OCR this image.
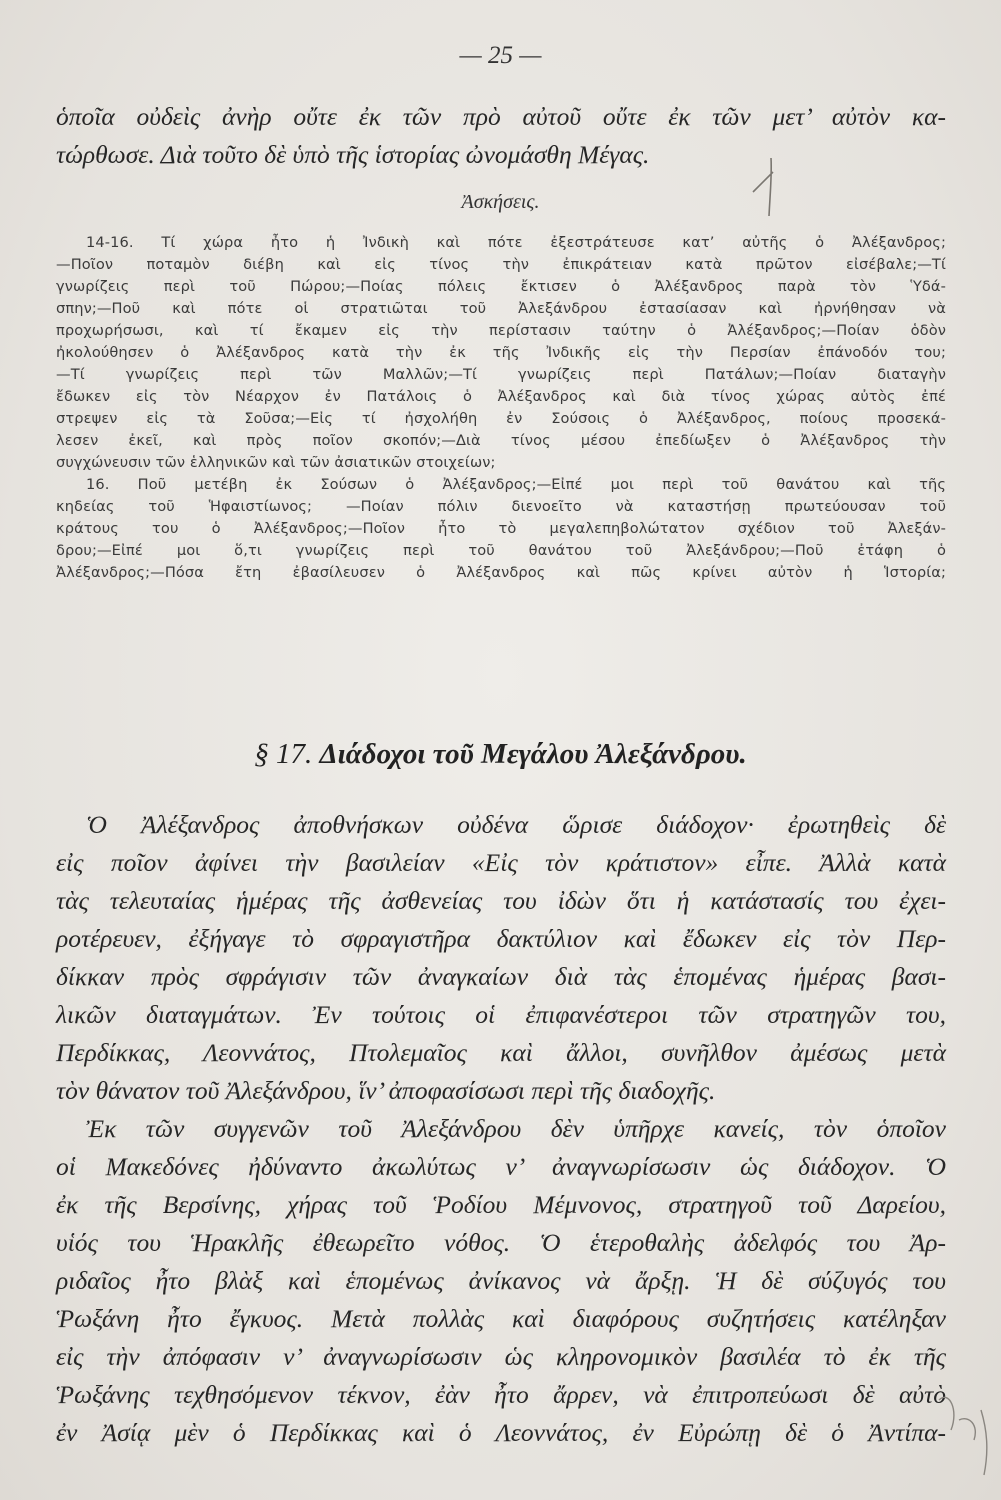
— 25 —
ὁποῖα οὐδεὶς ἀνὴρ οὔτε ἐκ τῶν πρὸ αὐτοῦ οὔτε ἐκ τῶν μετ’ αὐτὸν κα-
τώρθωσε. Διὰ τοῦτο δὲ ὑπὸ τῆς ἱστορίας ὠνομάσθη Μέγας.
Ἀσκήσεις.
14-16. Τί χώρα ἦτο ἡ Ἰνδικὴ καὶ πότε ἐξεστράτευσε κατ’ αὐτῆς ὁ Ἀλέξανδρος;
—Ποῖον ποταμὸν διέβη καὶ εἰς τίνος τὴν ἐπικράτειαν κατὰ πρῶτον εἰσέβαλε;—Τί
γνωρίζεις περὶ τοῦ Πώρου;—Ποίας πόλεις ἔκτισεν ὁ Ἀλέξανδρος παρὰ τὸν Ὑδά-
σπην;—Ποῦ καὶ πότε οἱ στρατιῶται τοῦ Ἀλεξάνδρου ἐστασίασαν καὶ ἠρνήθησαν νὰ
προχωρήσωσι, καὶ τί ἔκαμεν εἰς τὴν περίστασιν ταύτην ὁ Ἀλέξανδρος;—Ποίαν ὁδὸν
ἠκολούθησεν ὁ Ἀλέξανδρος κατὰ τὴν ἐκ τῆς Ἰνδικῆς εἰς τὴν Περσίαν ἐπάνοδόν του;
—Τί γνωρίζεις περὶ τῶν Μαλλῶν;—Τί γνωρίζεις περὶ Πατάλων;—Ποίαν διαταγὴν
ἔδωκεν εἰς τὸν Νέαρχον ἐν Πατάλοις ὁ Ἀλέξανδρος καὶ διὰ τίνος χώρας αὐτὸς ἐπέ
στρεψεν εἰς τὰ Σοῦσα;—Εἰς τί ἠσχολήθη ἐν Σούσοις ὁ Ἀλέξανδρος, ποίους προσεκά-
λεσεν ἐκεῖ, καὶ πρὸς ποῖον σκοπόν;—Διὰ τίνος μέσου ἐπεδίωξεν ὁ Ἀλέξανδρος τὴν
συγχώνευσιν τῶν ἑλληνικῶν καὶ τῶν ἀσιατικῶν στοιχείων;
16. Ποῦ μετέβη ἐκ Σούσων ὁ Ἀλέξανδρος;—Εἰπέ μοι περὶ τοῦ θανάτου καὶ τῆς
κηδείας τοῦ Ἡφαιστίωνος; —Ποίαν πόλιν διενοεῖτο νὰ καταστήσῃ πρωτεύουσαν τοῦ
κράτους του ὁ Ἀλέξανδρος;—Ποῖον ἦτο τὸ μεγαλεπηβολώτατον σχέδιον τοῦ Ἀλεξάν-
δρου;—Εἰπέ μοι ὅ,τι γνωρίζεις περὶ τοῦ θανάτου τοῦ Ἀλεξάνδρου;—Ποῦ ἐτάφη ὁ
Ἀλέξανδρος;—Πόσα ἔτη ἐβασίλευσεν ὁ Ἀλέξανδρος καὶ πῶς κρίνει αὐτὸν ἡ Ἱστορία;
§ 17. Διάδοχοι τοῦ Μεγάλου Ἀλεξάνδρου.
Ὁ Ἀλέξανδρος ἀποθνήσκων οὐδένα ὥρισε διάδοχον· ἐρωτηθεὶς δὲ
εἰς ποῖον ἀφίνει τὴν βασιλείαν «Εἰς τὸν κράτιστον» εἶπε. Ἀλλὰ κατὰ
τὰς τελευταίας ἡμέρας τῆς ἀσθενείας του ἰδὼν ὅτι ἡ κατάστασίς του ἐχει-
ροτέρευεν, ἐξήγαγε τὸ σφραγιστῆρα δακτύλιον καὶ ἔδωκεν εἰς τὸν Περ-
δίκκαν πρὸς σφράγισιν τῶν ἀναγκαίων διὰ τὰς ἑπομένας ἡμέρας βασι-
λικῶν διαταγμάτων. Ἐν τούτοις οἱ ἐπιφανέστεροι τῶν στρατηγῶν του,
Περδίκκας, Λεοννάτος, Πτολεμαῖος καὶ ἄλλοι, συνῆλθον ἀμέσως μετὰ
τὸν θάνατον τοῦ Ἀλεξάνδρου, ἵν’ ἀποφασίσωσι περὶ τῆς διαδοχῆς.
Ἐκ τῶν συγγενῶν τοῦ Ἀλεξάνδρου δὲν ὑπῆρχε κανείς, τὸν ὁποῖον
οἱ Μακεδόνες ἠδύναντο ἀκωλύτως ν’ ἀναγνωρίσωσιν ὡς διάδοχον. Ὁ
ἐκ τῆς Βερσίνης, χήρας τοῦ Ῥοδίου Μέμνονος, στρατηγοῦ τοῦ Δαρείου,
υἱός του Ἡρακλῆς ἐθεωρεῖτο νόθος. Ὁ ἑτεροθαλὴς ἀδελφός του Ἀρ-
ριδαῖος ἦτο βλὰξ καὶ ἑπομένως ἀνίκανος νὰ ἄρξῃ. Ἡ δὲ σύζυγός του
Ῥωξάνη ἦτο ἔγκυος. Μετὰ πολλὰς καὶ διαφόρους συζητήσεις κατέληξαν
εἰς τὴν ἀπόφασιν ν’ ἀναγνωρίσωσιν ὡς κληρονομικὸν βασιλέα τὸ ἐκ τῆς
Ῥωξάνης τεχθησόμενον τέκνον, ἐὰν ἦτο ἄρρεν, νὰ ἐπιτροπεύωσι δὲ αὐτὸ
ἐν Ἀσίᾳ μὲν ὁ Περδίκκας καὶ ὁ Λεοννάτος, ἐν Εὐρώπῃ δὲ ὁ Ἀντίπα-
